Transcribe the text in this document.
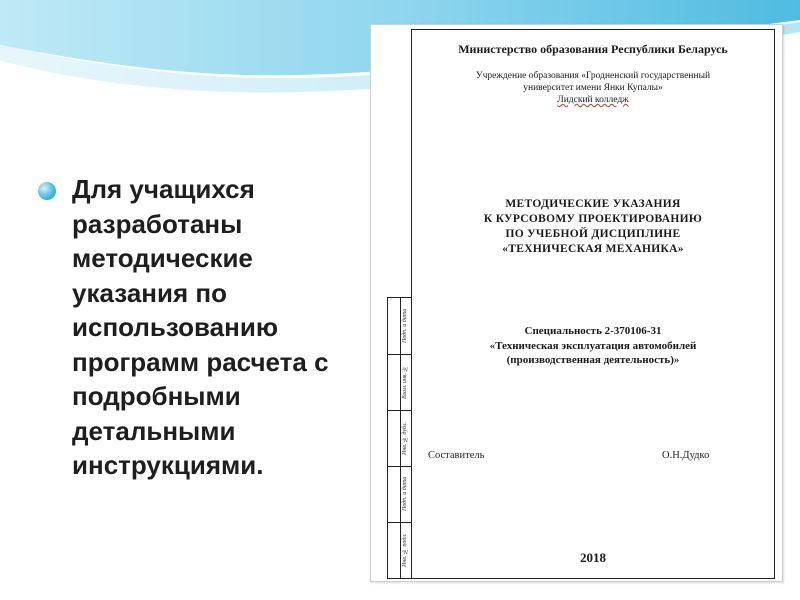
Для учащихся разработаны методические указания по использованию программ расчета с подробными детальными инструкциями.

Подп. и дата
Взам. инв. №
Инв. № дубл.
Подп. и дата
Инв. № подл.
Министерство образования Республики Беларусь
Учреждение образования «Гродненский государственный
университет имени Янки Купалы»
Лидский колледж
МЕТОДИЧЕСКИЕ УКАЗАНИЯ
К КУРСОВОМУ ПРОЕКТИРОВАНИЮ
ПО УЧЕБНОЙ ДИСЦИПЛИНЕ
«ТЕХНИЧЕСКАЯ МЕХАНИКА»
Специальность 2-370106-31
«Техническая эксплуатация автомобилей
(производственная деятельность)»
Составитель	О.Н.Дудко
2018
